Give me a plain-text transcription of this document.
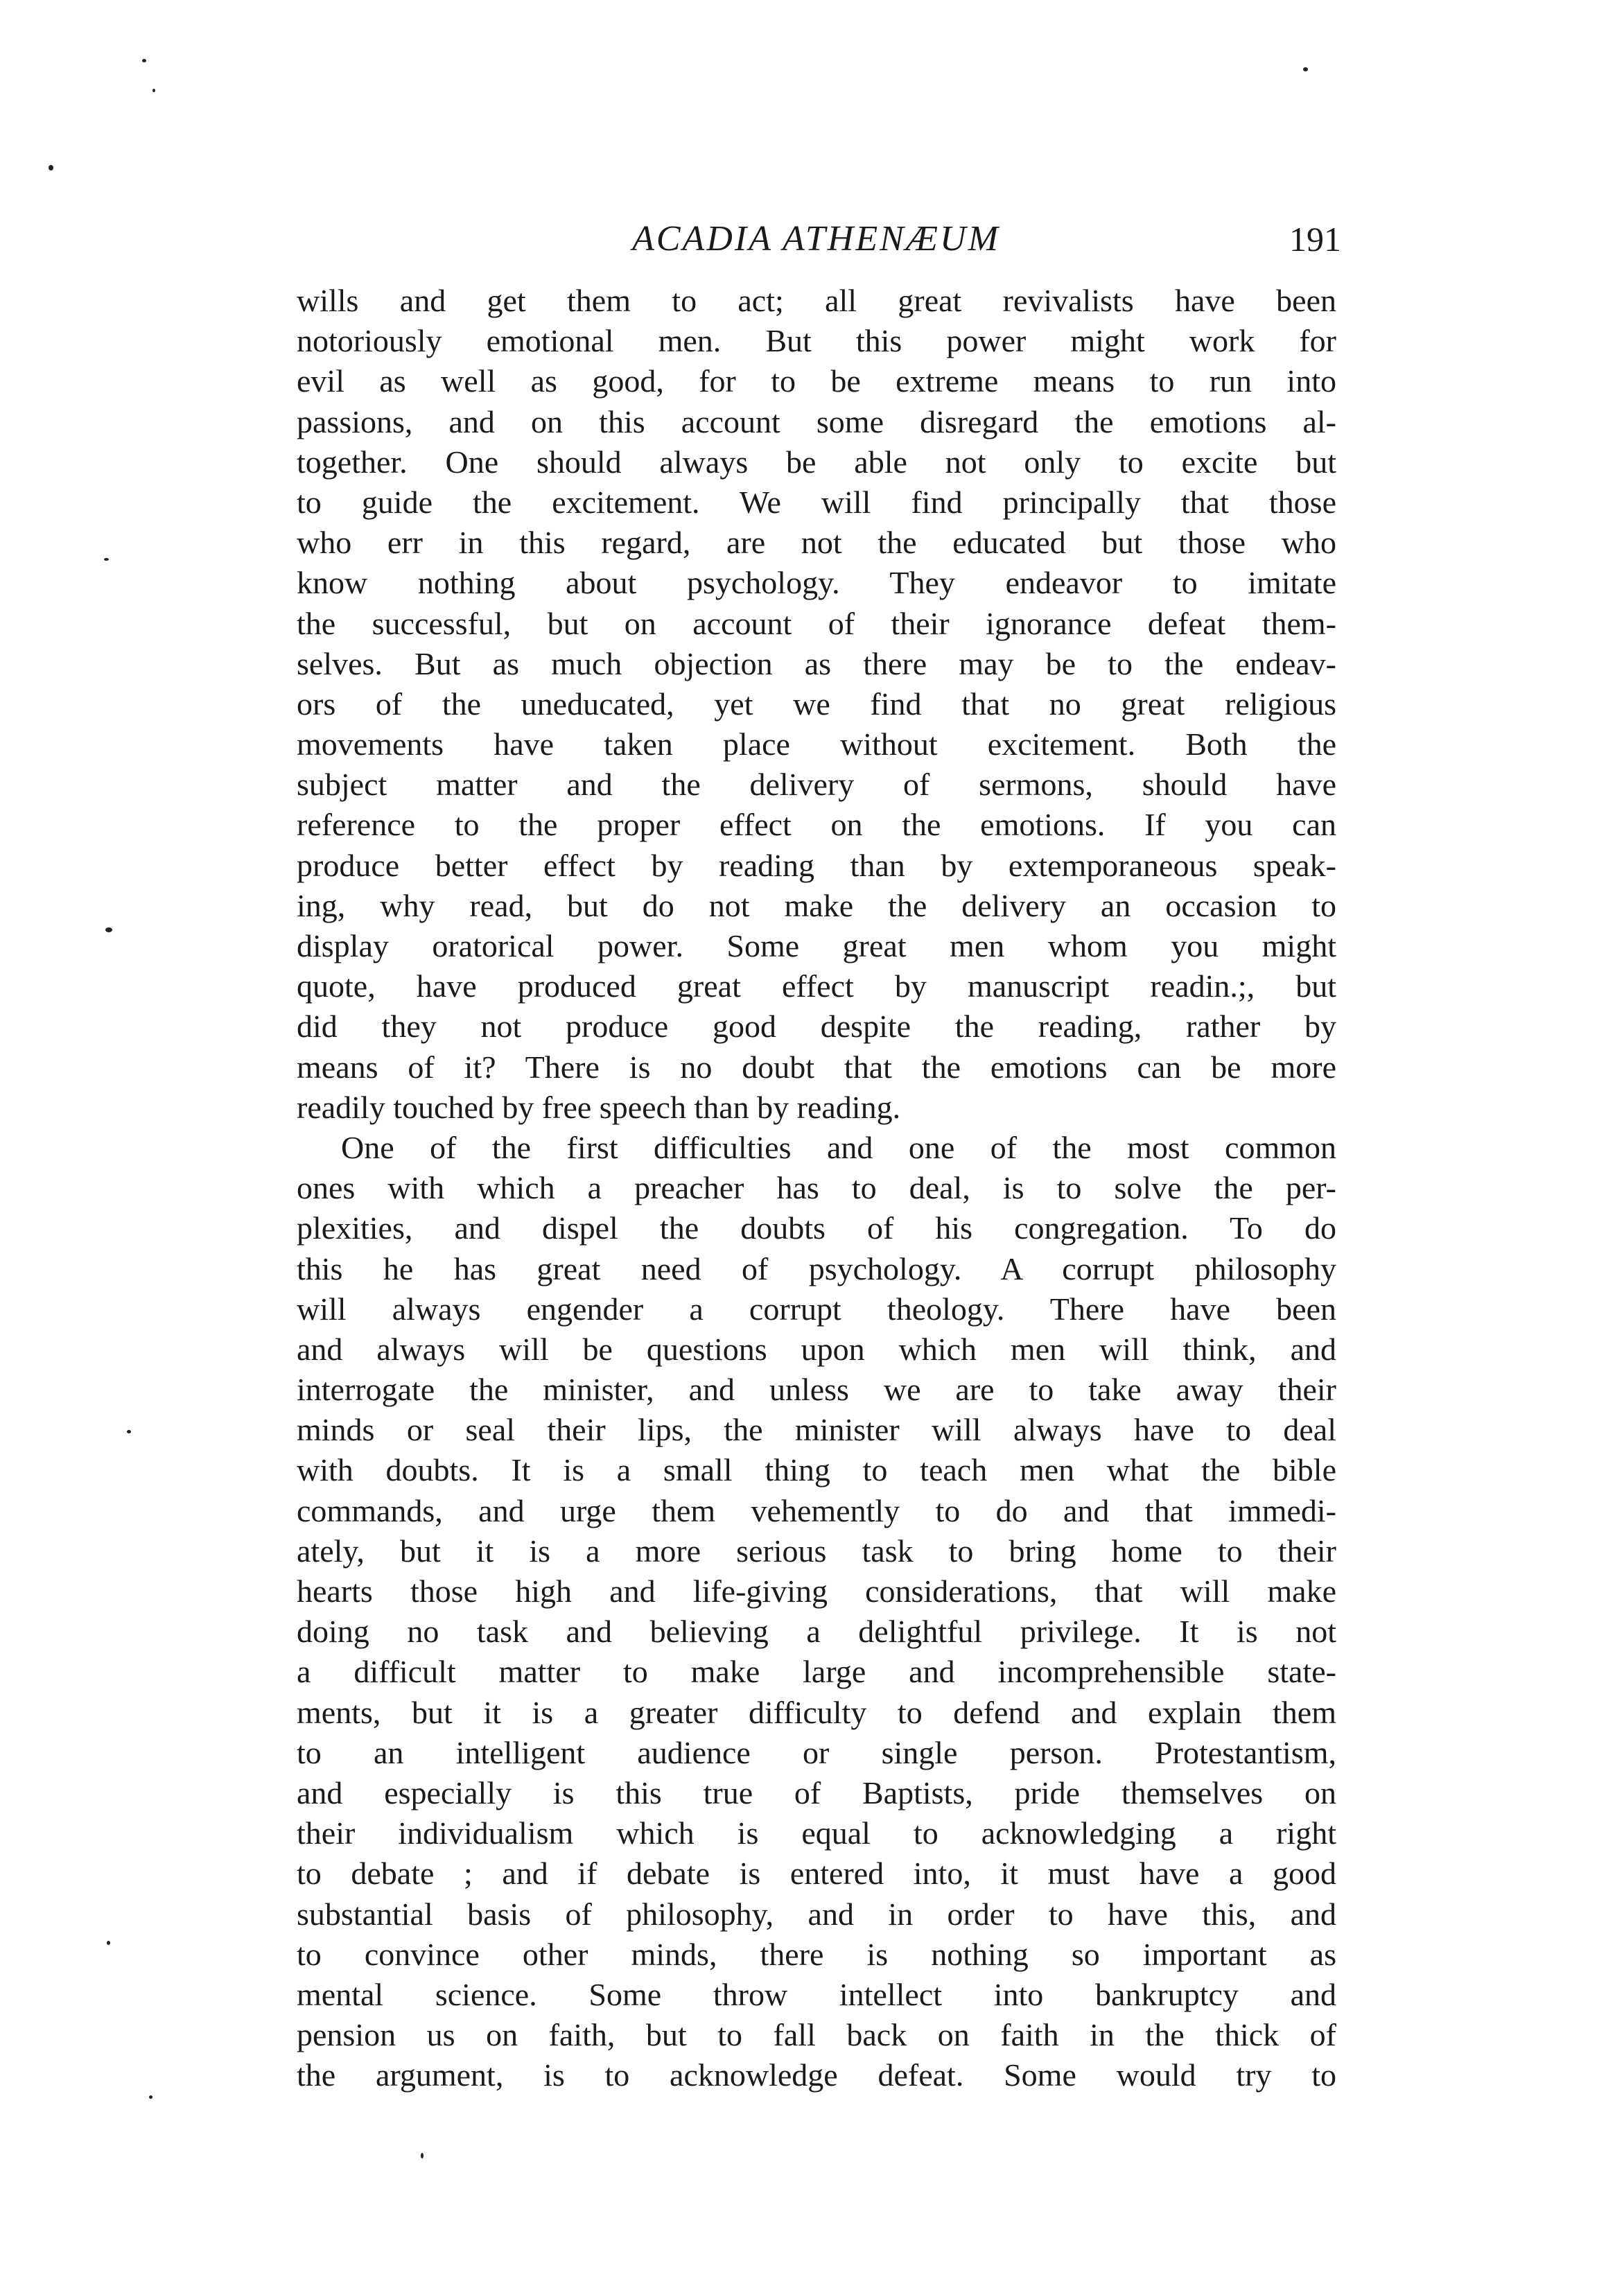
ACADIA ATHENÆUM	191
wills and get them to act; all great revivalists have been
notoriously emotional men. But this power might work for
evil as well as good, for to be extreme means to run into
passions, and on this account some disregard the emotions al-
together. One should always be able not only to excite but
to guide the excitement. We will find principally that those
who err in this regard, are not the educated but those who
know nothing about psychology. They endeavor to imitate
the successful, but on account of their ignorance defeat them-
selves. But as much objection as there may be to the endeav-
ors of the uneducated, yet we find that no great religious
movements have taken place without excitement. Both the
subject matter and the delivery of sermons, should have
reference to the proper effect on the emotions. If you can
produce better effect by reading than by extemporaneous speak-
ing, why read, but do not make the delivery an occasion to
display oratorical power. Some great men whom you might
quote, have produced great effect by manuscript readin.;, but
did they not produce good despite the reading, rather by
means of it? There is no doubt that the emotions can be more
readily touched by free speech than by reading.
One of the first difficulties and one of the most common
ones with which a preacher has to deal, is to solve the per-
plexities, and dispel the doubts of his congregation. To do
this he has great need of psychology. A corrupt philosophy
will always engender a corrupt theology. There have been
and always will be questions upon which men will think, and
interrogate the minister, and unless we are to take away their
minds or seal their lips, the minister will always have to deal
with doubts. It is a small thing to teach men what the bible
commands, and urge them vehemently to do and that immedi-
ately, but it is a more serious task to bring home to their
hearts those high and life-giving considerations, that will make
doing no task and believing a delightful privilege. It is not
a difficult matter to make large and incomprehensible state-
ments, but it is a greater difficulty to defend and explain them
to an intelligent audience or single person. Protestantism,
and especially is this true of Baptists, pride themselves on
their individualism which is equal to acknowledging a right
to debate ; and if debate is entered into, it must have a good
substantial basis of philosophy, and in order to have this, and
to convince other minds, there is nothing so important as
mental science. Some throw intellect into bankruptcy and
pension us on faith, but to fall back on faith in the thick of
the argument, is to acknowledge defeat. Some would try to
